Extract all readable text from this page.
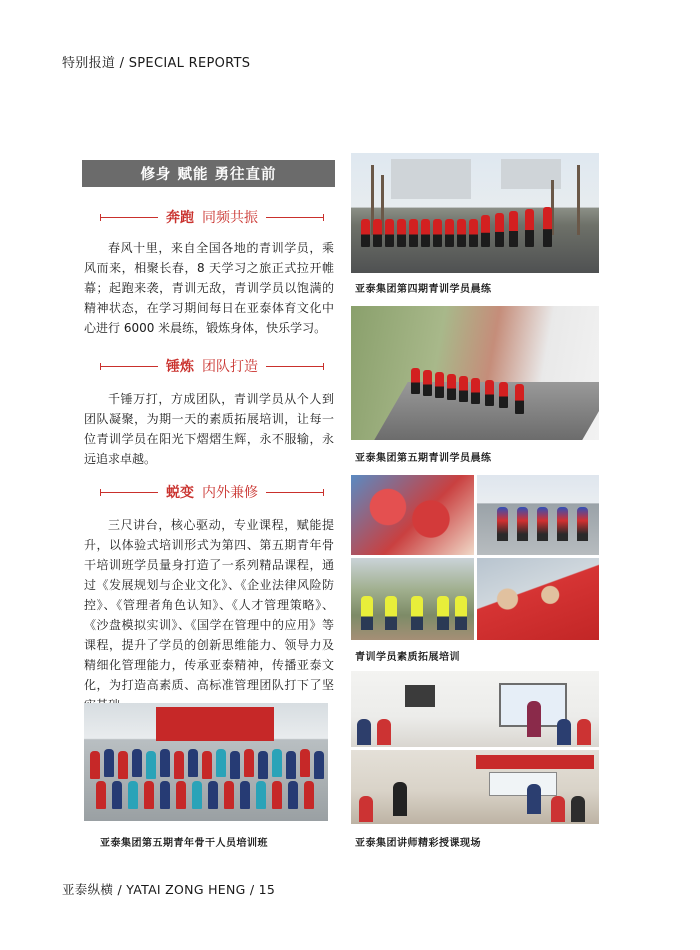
特别报道 / SPECIAL REPORTS
修身 赋能 勇往直前
奔跑 同频共振

春风十里，来自全国各地的青训学员，乘风而来，相聚长春，8 天学习之旅正式拉开帷幕；起跑来袭，青训无敌，青训学员以饱满的精神状态，在学习期间每日在亚泰体育文化中心进行 6000 米晨练，锻炼身体，快乐学习。

锤炼 团队打造

千锤万打，方成团队，青训学员从个人到团队凝聚，为期一天的素质拓展培训，让每一位青训学员在阳光下熠熠生辉，永不服输，永远追求卓越。

蜕变 内外兼修

三尺讲台，核心驱动，专业课程，赋能提升，以体验式培训形式为第四、第五期青年骨干培训班学员量身打造了一系列精品课程，通过《发展规划与企业文化》、《企业法律风险防控》、《管理者角色认知》、《人才管理策略》、《沙盘模拟实训》、《国学在管理中的应用》等课程，提升了学员的创新思维能力、领导力及精细化管理能力，传承亚泰精神，传播亚泰文化，为打造高素质、高标准管理团队打下了坚

亚泰集团第四期青训学员晨练
亚泰集团第五期青训学员晨练
青训学员素质拓展培训
亚泰集团讲师精彩授课现场
亚泰集团第五期青年骨干人员培训班
亚泰纵横 / YATAI ZONG HENG / 15
